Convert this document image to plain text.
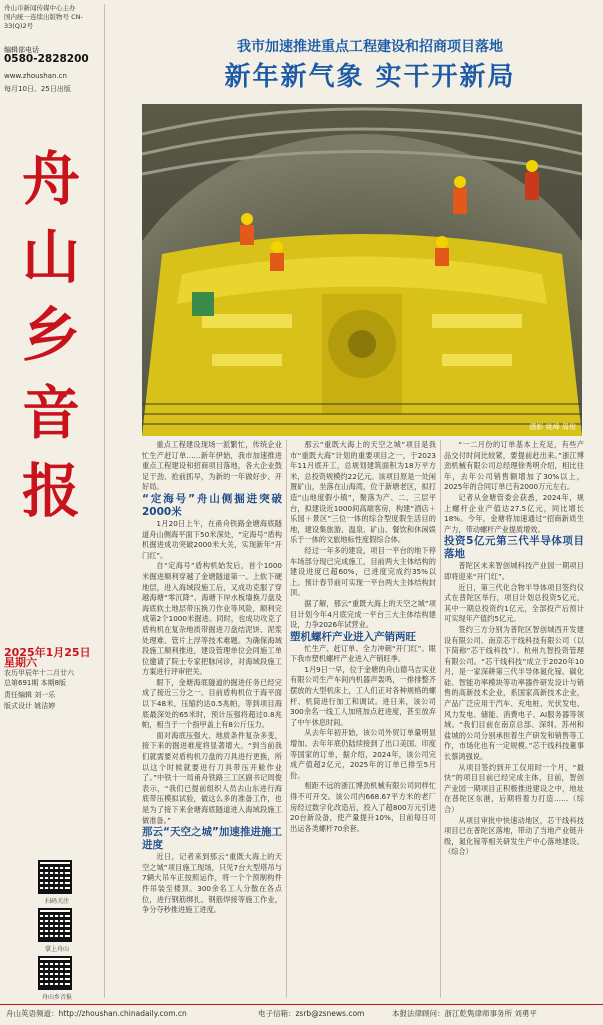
舟山市新闻传媒中心主办
国内统一连续出版物号 CN-33(Q)2号
编辑部电话
0580-2828200
www.zhoushan.cn
每月10日、25日出版
舟山乡音报
2025年1月25日 星期六
农历甲辰年十二月廿六
总第691期 本期8版
责任编辑 刘一乐
版式设计 姚洁婷
扫码关注
掌上舟山
舟山乡音报
我市加速推进重点工程建设和招商项目落地
新年新气象 实干开新局
摄影 姚峰 周俊

重点工程建设现场一派繁忙，传统企业忙生产赶订单……新年伊始，我市加速推进重点工程建设和招商项目落地，各大企业鼓足干劲、抢前抓早，为新的一年做好步、开好局。

“定海号”舟山侧掘进突破2000米

1月20日上午，在甬舟铁路金塘海底隧道舟山侧海平面下50米深处，“定海号”盾构机掘进成功突破2000米大关，实现新年“开门红”。

自“定海号”盾构机始发后，首个1000米掘进顺利穿越了金塘隧道第一、上软下硬地层，进入海域段施工后，又成功克服了穿越海塘“零沉降”、海塘下岸水板墙换刀盘及海底软土地层带压换刀作业等风险，顺利完成第2个1000米掘进。同时，也成功攻克了盾构机在复杂地质带掘进刀盘结泥饼、泥浆处理难、管片上浮等技术难题。为确保海域段施工顺利推进，建设管理单位会同施工单位邀请了院士专家把脉问诊，对海域段施工方案进行评审把关。

眼下，金塘海底隧道的掘进任务已经完成了接近三分之一。目前盾构机位于海平面以下48米，压缩约达0.5兆帕，等到项目海底最深处的65米时，预计压强将超过0.8兆帕，相当于一个指甲盖上有8公斤压力。

面对海底压强大、地质条件复杂多变，接下来的掘进难度将显著增大。“到当前我们就需要对盾构机刀盘的刀具进行更换，所以这个时候就要进行刀具带压开舱作业了。”中铁十一局甬舟铁路三工区副书记周俊表示，“我们已提前组织人员去山东进行海底带压模拟试验，做这么多的准备工作，也是为了接下来金塘海底隧道进入海域段施工做准备。”

那云“天空之城”加速推进施工进度

近日，记者来到那云“重既大海上的天空之城”项目施工现场，只见7台大型塔吊与7辆大吊车正按照运作，将一个个预制构件件吊装至楼顶。300余名工人分散在各点位，进行钢筋绑扎、钢筋焊接等施工作业，争分夺秒推进施工进度。

那云“重既大海上的天空之城”项目是我市“重既大海”计划的重要项目之一，于2023年11月底开工，总规划建筑面积为18万平方米，总投资规模约22亿元。该项目原是一处闲置矿山，坐落在山海湾，位于新塘老区，拟打造“山地度假小镇”，聚落为产、二、三层平台，拟建设近1000间高端客房，构建“酒店＋乐园＋景区”三位一体的综合型度假生活目的地，建设集旅游、温泉、矿山、餐饮和休闲娱乐于一体的文旅地标性度假综合体。

经过一年多的建设，项目一平台的地下停车场部分现已完成施工，目前两大主体结构的建设进度已超60%，已进度完成约35%以上。预计春节前可实现一平台两大主体结构封顶。

据了解，那云“重既大海上的天空之城”项目计划今年4月底完成一平台三大主体结构建设，力争2026年试营业。

塑机螺杆产业进入产销两旺

忙生产、赶订单、全力冲刺“开门红”。眼下我市塑机螺杆产业进入产销旺季。

1月9日一早，位于金塘的舟山德马吉实业有限公司生产车间内机器声轰鸣，一排排整齐摆放的大型机床上，工人们正对各种规格的螺杆、机筒进行加工和调试。进日来，该公司300余名一线工人加班加点赶进度，甚至放弃了中午休息时间。

从去年年初开始，该公司外贸订单量明显增加。去年年底仍陆续接到了出口美国、印度等国家的订单，据介绍，2024年，该公司完成产值超2亿元，2025年的订单已排至5月份。

相距不远的浙江博劲机械有限公司同样忙得不可开交。该公司内668.67平方米的老厂房经过数字化改造后，投入了超800万元引进20台新设备，使产量提升10%，目前每日可出运各类螺杆70余套。

“一二月份的订单基本上充足，有些产品交付时间比较紧，要提前赶出来。”浙江博劲机械有限公司总经理徐秀明介绍，相比往年，去年公司销售额增加了30%以上，2025年的合同订单已有2000万元左右。

记者从金塘管委会获悉，2024年，规上螺杆企业产值达27.5亿元，同比增长18%。今年，金塘将加速通过“招商新质生产力，带动螺杆产业提质增效。

投资5亿元第三代半导体项目落地

普陀区未来智创城科技产业园一期项目即将迎来“开门红”。

近日，第三代化合物半导体项目签约仪式在普陀区举行，项目计划总投资5亿元，其中一期总投资约1亿元，全部投产后预计可实现年产值约5亿元。

签约三方分别为普陀区智创城西开发建设有限公司、南京芯干线科技有限公司（以下简称“芯干线科技”）、杭州九智投资管理有限公司。“芯干线科技”成立于2020年10月，是一家深耕第三代半导体氮化镓、碳化硅、智能功率模块等功率器件研发设计与销售的高新技术企业，系国家高新技术企业，产品广泛应用于汽车、充电桩、光伏发电、风力发电、储能、消费电子、AI服务器等领域。“我们目前在南京总部、深圳、苏州和盐城的公司分别承担着生产研发和销售等工作，市场化也有一定规模。”芯干线科技董事长蔡鸿强说。

从项目签约到开工仅用时一个月，“最快”的项目目前已经完成主体，目前，智创产业园一期项目正积极推进建设之中，地址在普陀区东港，后期将着力打造……（综合）

从项目审批中快速动地区，芯干线科技项目已在普陀区落地，带动了当地产业链升级，氮化镓等相关研发生产中心落地建设。（综合）

舟山英语频道：http://zhoushan.chinadaily.com.cn	电子信箱：zsrb@zsnews.com	本报法律顾问：浙江乾隽律师事务所 刘勇平
